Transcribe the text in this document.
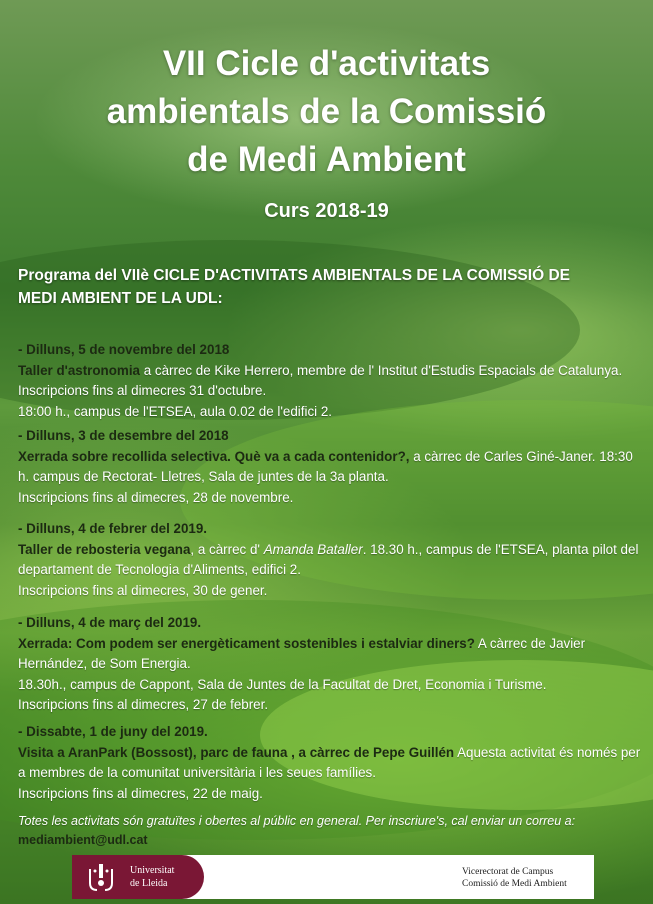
VII Cicle d'activitats
ambientals de la Comissió
de Medi Ambient
Curs 2018-19
Programa del VIIè CICLE D'ACTIVITATS AMBIENTALS DE LA COMISSIÓ DE
MEDI AMBIENT DE LA UDL:
- Dilluns, 5 de novembre del 2018
Taller d'astronomia a càrrec de Kike Herrero, membre de l' Institut d'Estudis Espacials de Catalunya. Inscripcions fins al dimecres 31 d'octubre.
18:00 h., campus de l'ETSEA, aula 0.02 de l'edifici 2.
- Dilluns, 3 de desembre del 2018
Xerrada sobre recollida selectiva. Què va a cada contenidor?, a càrrec de Carles Giné-Janer. 18:30 h. campus de Rectorat- Lletres, Sala de juntes de la 3a planta.
Inscripcions fins al dimecres, 28 de novembre.
- Dilluns, 4 de febrer del 2019.
Taller de rebosteria vegana, a càrrec d' Amanda Bataller. 18.30 h., campus de l'ETSEA, planta pilot del departament de Tecnologia d'Aliments, edifici 2.
Inscripcions fins al dimecres, 30 de gener.
- Dilluns, 4 de març del 2019.
Xerrada: Com podem ser energèticament sostenibles i estalviar diners? A càrrec de Javier Hernández, de Som Energia.
18.30h., campus de Cappont, Sala de Juntes de la Facultat de Dret, Economia i Turisme.
Inscripcions fins al dimecres, 27 de febrer.
- Dissabte, 1 de juny del 2019.
Visita a AranPark (Bossost), parc de fauna , a càrrec de Pepe Guillén Aquesta activitat és només per a membres de la comunitat universitària i les seues famílies.
Inscripcions fins al dimecres, 22 de maig.
Totes les activitats són gratuïtes i obertes al públic en general. Per inscriure's, cal enviar un correu a:
mediambient@udl.cat
Universitat
de Lleida
Vicerectorat de Campus
Comissió de Medi Ambient
